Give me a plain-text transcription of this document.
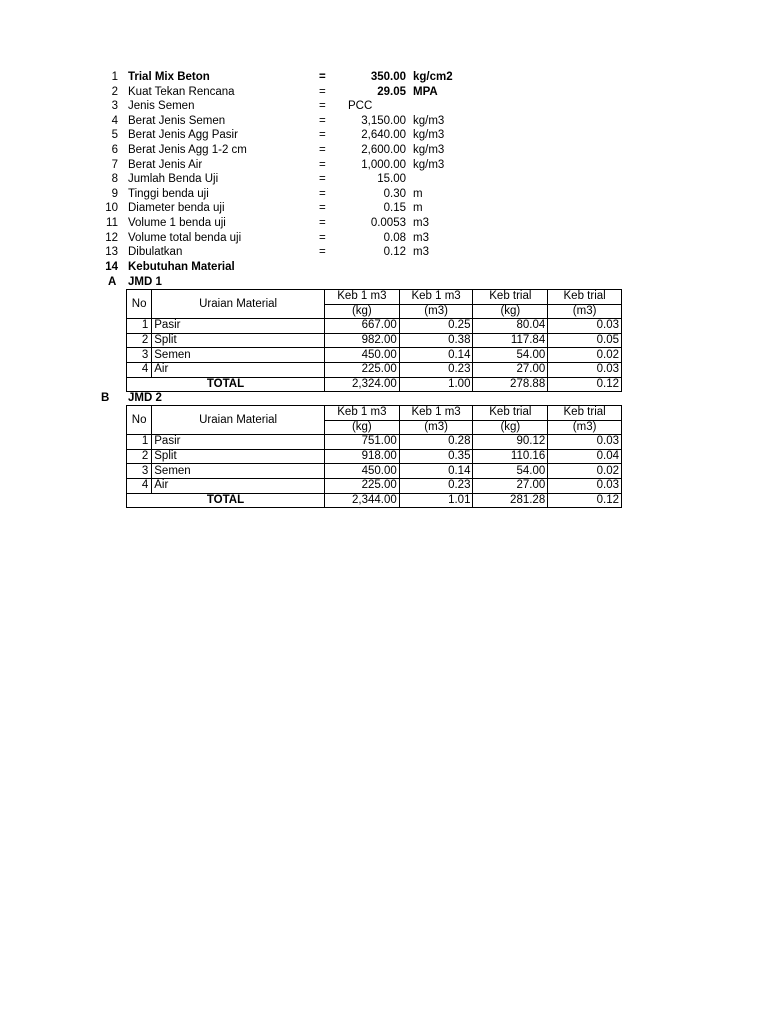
1 Trial Mix Beton	=	350.00 kg/cm2
2 Kuat Tekan Rencana	=	29.05 MPA
3 Jenis Semen	= PCC
4 Berat Jenis Semen	=	3,150.00 kg/m3
5 Berat Jenis Agg Pasir	=	2,640.00 kg/m3
6 Berat Jenis Agg 1-2 cm	=	2,600.00 kg/m3
7 Berat Jenis Air	=	1,000.00 kg/m3
8 Jumlah Benda Uji	=	15.00
9 Tinggi benda uji	=	0.30 m
10 Diameter benda uji	=	0.15 m
11 Volume 1 benda uji	=	0.0053 m3
12 Volume total benda uji	=	0.08 m3
13 Dibulatkan	=	0.12 m3
14 Kebutuhan Material
A JMD 1
No	Uraian Material	Keb 1 m3	Keb 1 m3	Keb trial	Keb trial
		(kg)	(m3)	(kg)	(m3)
1	Pasir	667.00	0.25	80.04	0.03
2	Split	982.00	0.38	117.84	0.05
3	Semen	450.00	0.14	54.00	0.02
4	Air	225.00	0.23	27.00	0.03
TOTAL		2,324.00	1.00	278.88	0.12
B JMD 2
No	Uraian Material	Keb 1 m3	Keb 1 m3	Keb trial	Keb trial
		(kg)	(m3)	(kg)	(m3)
1	Pasir	751.00	0.28	90.12	0.03
2	Split	918.00	0.35	110.16	0.04
3	Semen	450.00	0.14	54.00	0.02
4	Air	225.00	0.23	27.00	0.03
TOTAL		2,344.00	1.01	281.28	0.12
